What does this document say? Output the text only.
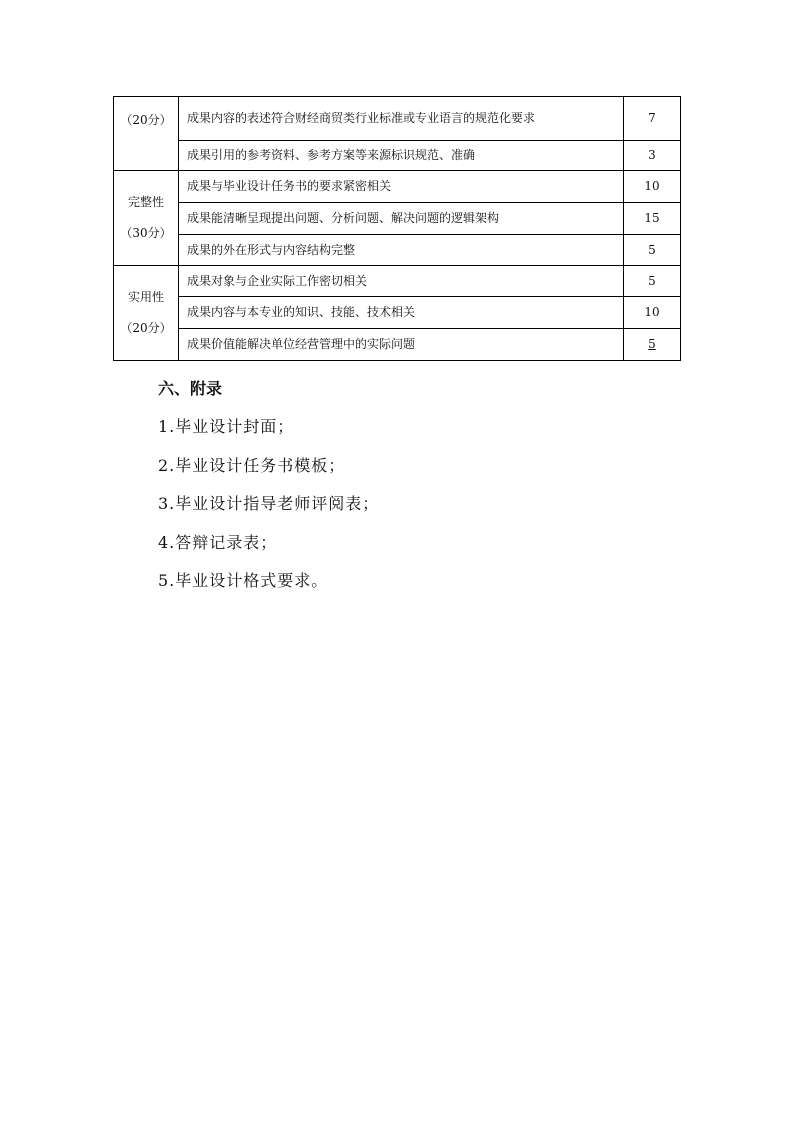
（20分）	成果内容的表述符合财经商贸类行业标准或专业语言的规范化要求	7
	成果引用的参考资料、参考方案等来源标识规范、准确	3

完整性
（30分）	成果与毕业设计任务书的要求紧密相关	10
	成果能清晰呈现提出问题、分析问题、解决问题的逻辑架构	15
	成果的外在形式与内容结构完整	5

实用性
（20分）	成果对象与企业实际工作密切相关	5
	成果内容与本专业的知识、技能、技术相关	10
	成果价值能解决单位经营管理中的实际问题	5
六、附录
1.毕业设计封面；
2.毕业设计任务书模板；
3.毕业设计指导老师评阅表；
4.答辩记录表；
5.毕业设计格式要求。
